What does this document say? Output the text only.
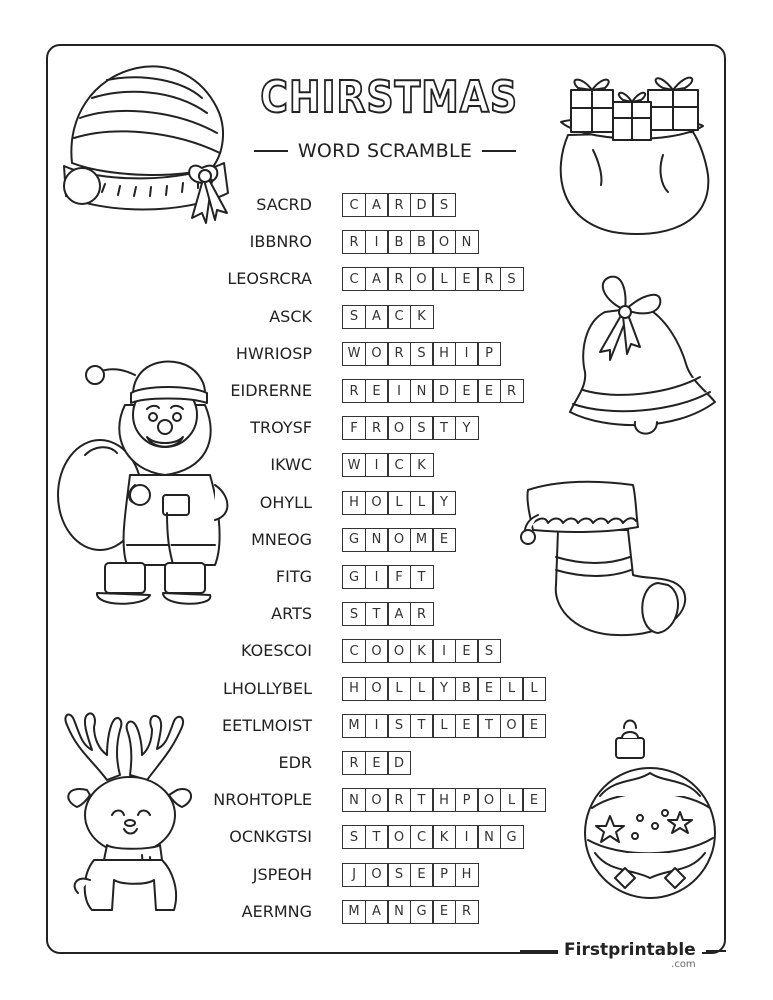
CHIRSTMAS
WORD SCRAMBLE
SACRD	C	A	R D	S
IBBNRO	R	I	B	B O N
LEOSRCRA	C	A	R O	L	E	R	S
ASCK	S	A	C	K
HWRIOSP	W O R	S	H	I	P
EIDRERNE	R	E	I	N D	E	E	R
TROYSF	F	R O	S	T	Y
IKWC	W	I	C	K
OHYLL	H O	L	L	Y
MNEOG	G N O M E
FITG	G	I	F	T
ARTS	S	T	A	R
KOESCOI	C O O	K	I	E	S
LHOLLYBEL	H O	L	L	Y	B	E	L	L
EETLMOIST	M	I	S	T	L	E	T	O	E
EDR	R	E	D
NROHTOPLE	N O R	T	H	P	O	L	E
OCNKGTSI	S	T	O C	K	I	N G
JSPEOH	J	O	S	E	P	H
AERMNG	M A	N G	E	R
Firstprintable
.com
